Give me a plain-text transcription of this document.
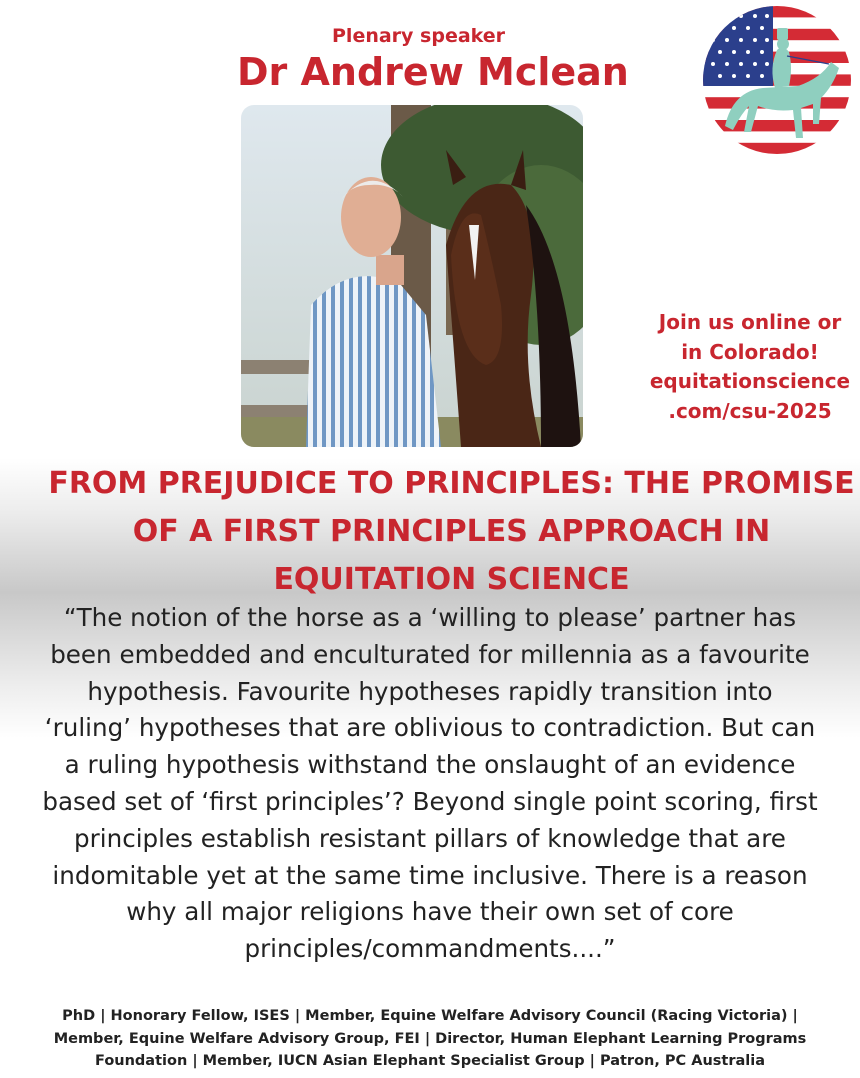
Plenary speaker
Dr Andrew Mclean
Join us online or
in Colorado!
equitationscience
.com/csu-2025
FROM PREJUDICE TO PRINCIPLES: THE PROMISE
OF A FIRST PRINCIPLES APPROACH IN
EQUITATION SCIENCE
“The notion of the horse as a ‘willing to please’ partner has
been embedded and enculturated for millennia as a favourite
hypothesis. Favourite hypotheses rapidly transition into
‘ruling’ hypotheses that are oblivious to contradiction. But can
a ruling hypothesis withstand the onslaught of an evidence
based set of ‘first principles’? Beyond single point scoring, first
principles establish resistant pillars of knowledge that are
indomitable yet at the same time inclusive. There is a reason
why all major religions have their own set of core
principles/commandments....”
PhD | Honorary Fellow, ISES | Member, Equine Welfare Advisory Council (Racing Victoria) |
Member, Equine Welfare Advisory Group, FEI | Director, Human Elephant Learning Programs
Foundation | Member, IUCN Asian Elephant Specialist Group | Patron, PC Australia
